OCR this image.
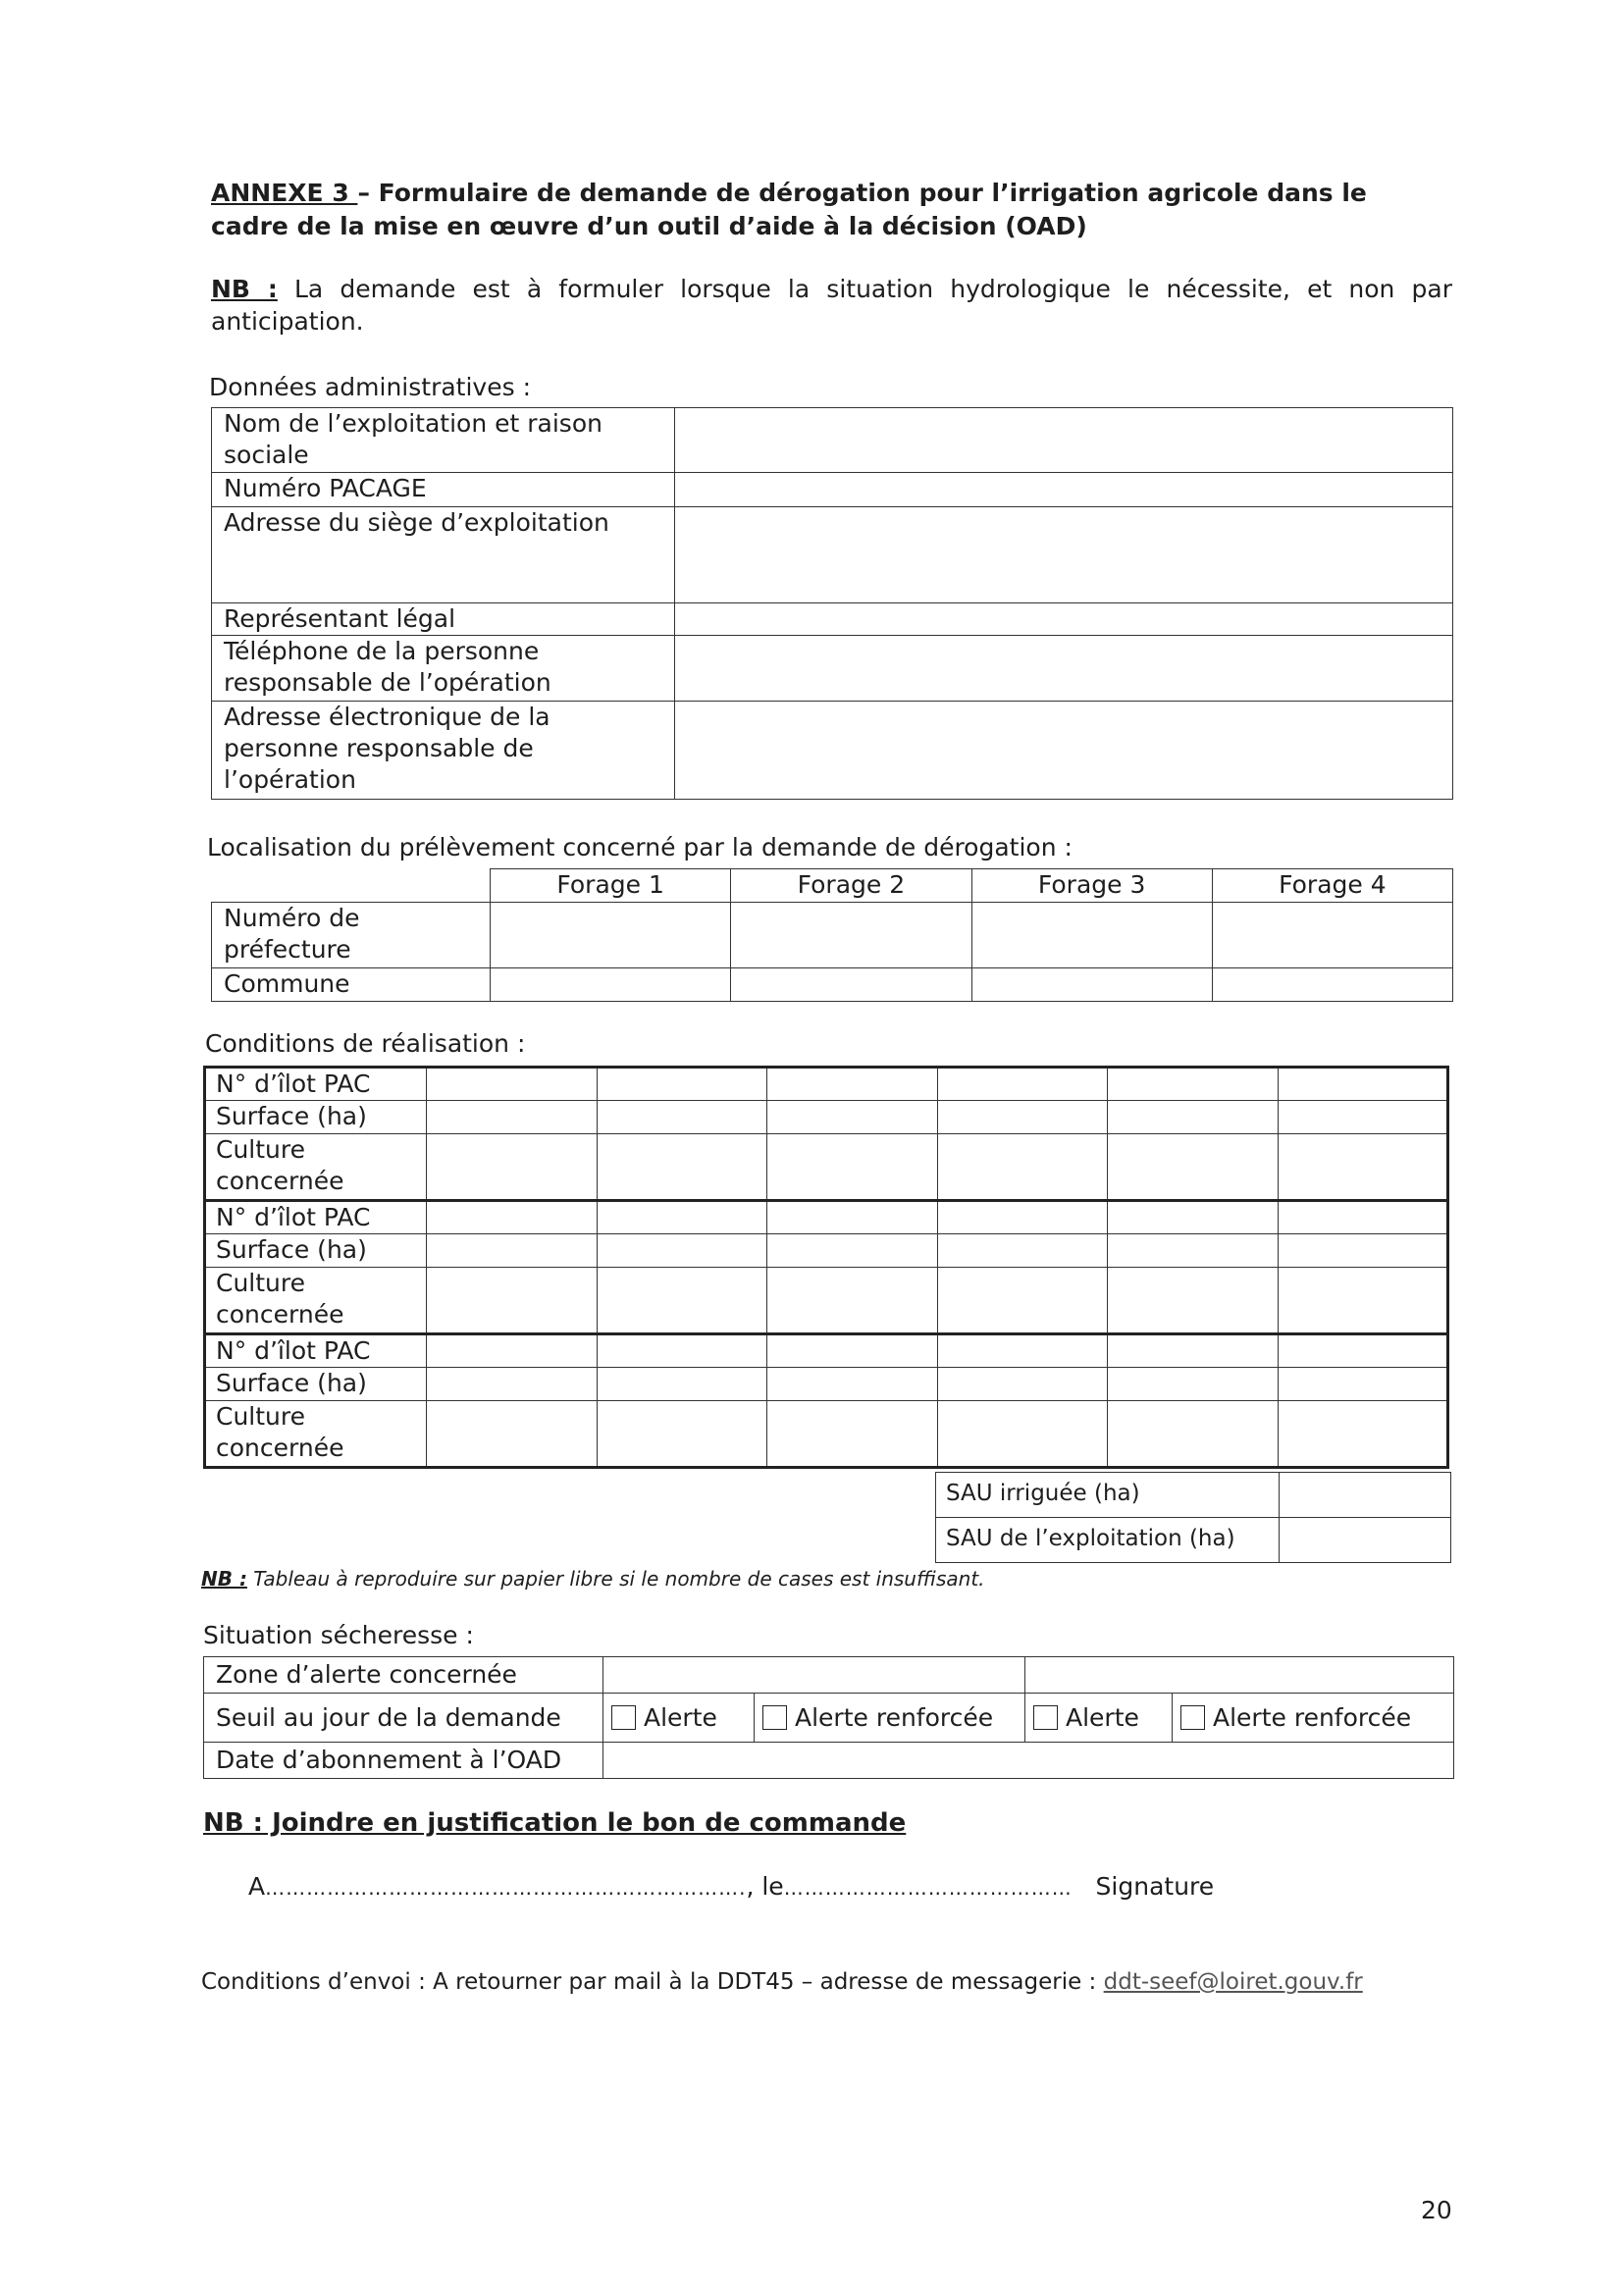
ANNEXE 3 – Formulaire de demande de dérogation pour l’irrigation agricole dans le cadre de la mise en œuvre d’un outil d’aide à la décision (OAD)
NB : La demande est à formuler lorsque la situation hydrologique le nécessite, et non par anticipation.
Données administratives :
Nom de l’exploitation et raison sociale	
Numéro PACAGE	
Adresse du siège d’exploitation	
Représentant légal	
Téléphone de la personne responsable de l’opération	
Adresse électronique de la personne responsable de l’opération	
Localisation du prélèvement concerné par la demande de dérogation :
	Forage 1	Forage 2	Forage 3	Forage 4
Numéro de préfecture				
Commune				
Conditions de réalisation :
N° d’îlot PAC						
Surface (ha)						
Culture concernée						
N° d’îlot PAC						
Surface (ha)						
Culture concernée						
N° d’îlot PAC						
Surface (ha)						
Culture concernée						
SAU irriguée (ha)	
SAU de l’exploitation (ha)	
NB : Tableau à reproduire sur papier libre si le nombre de cases est insuffisant.
Situation sécheresse :
Zone d’alerte concernée				
Seuil au jour de la demande	Alerte	Alerte renforcée	Alerte	Alerte renforcée
Date d’abonnement à l’OAD				
NB : Joindre en justification le bon de commande
A……………………………………………………………., le…………………………………… Signature
Conditions d’envoi : A retourner par mail à la DDT45 – adresse de messagerie : ddt-seef@loiret.gouv.fr
20
